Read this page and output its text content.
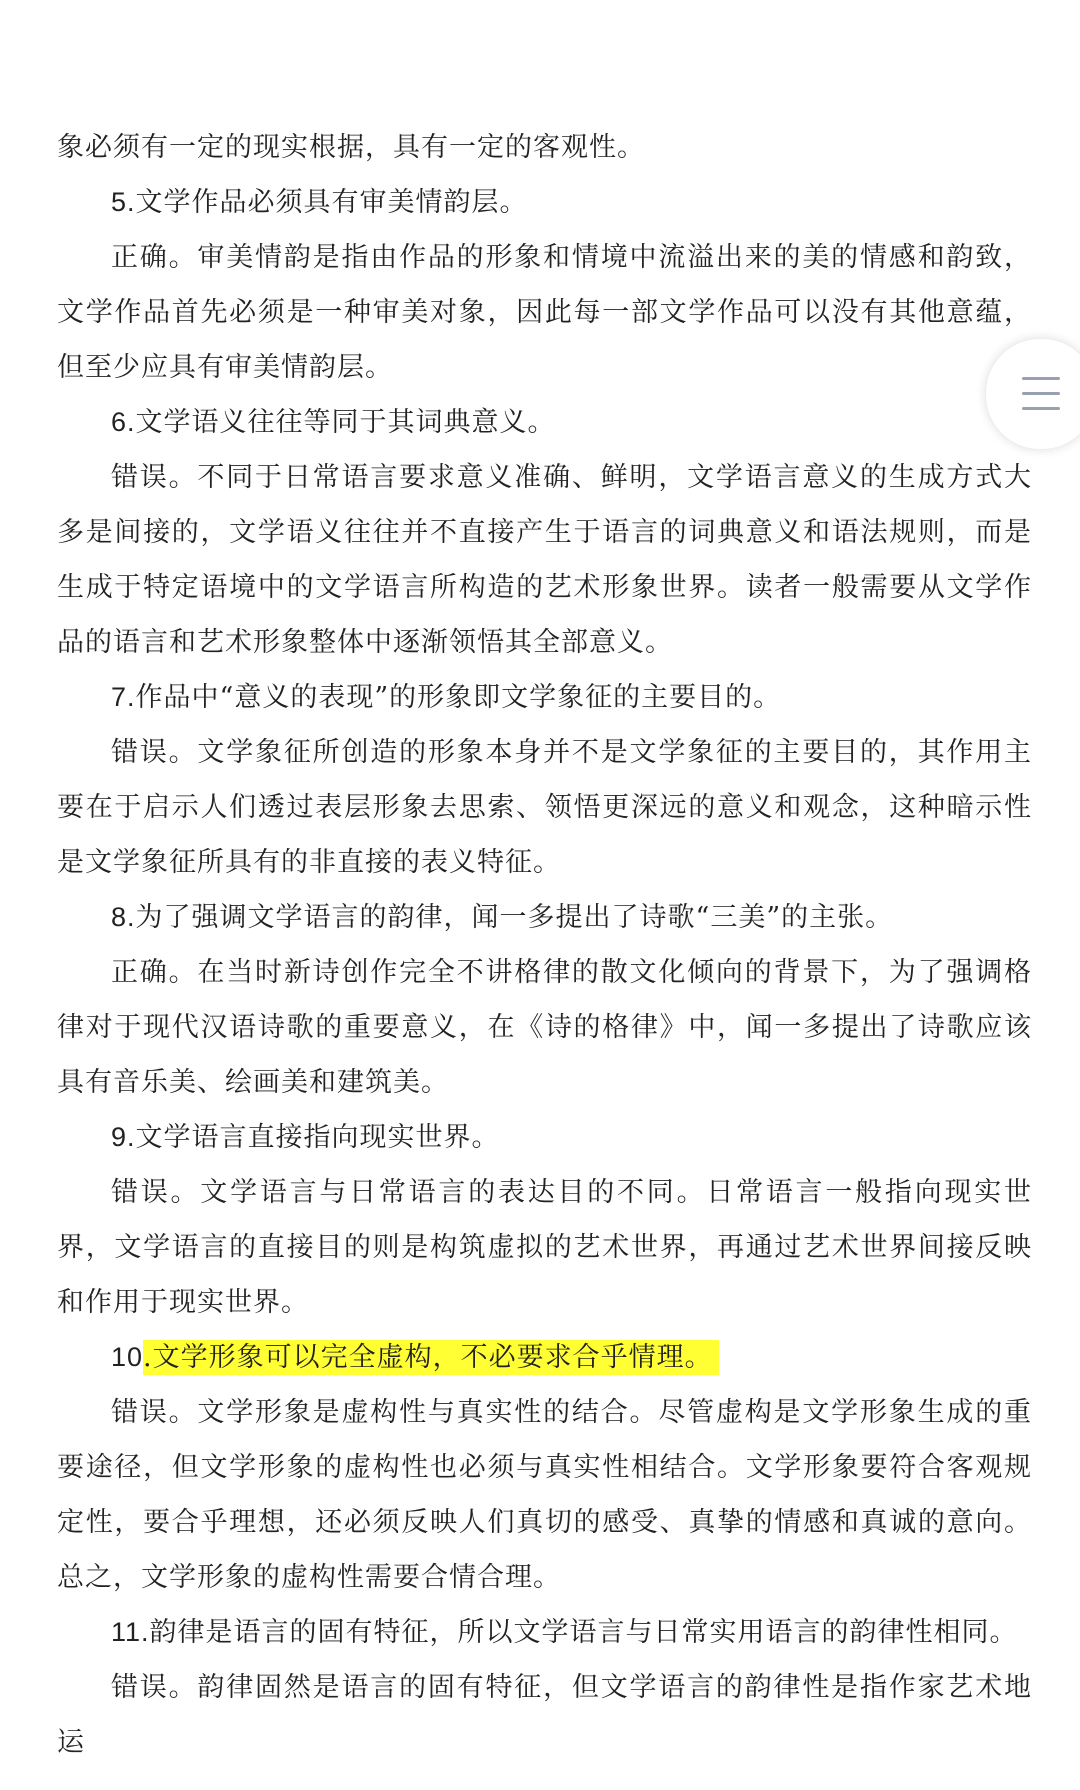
象必须有一定的现实根据，具有一定的客观性。

5.文学作品必须具有审美情韵层。

正确。审美情韵是指由作品的形象和情境中流溢出来的美的情感和韵致，文学作品首先必须是一种审美对象，因此每一部文学作品可以没有其他意蕴，但至少应具有审美情韵层。

6.文学语义往往等同于其词典意义。

错误。不同于日常语言要求意义准确、鲜明，文学语言意义的生成方式大多是间接的，文学语义往往并不直接产生于语言的词典意义和语法规则，而是生成于特定语境中的文学语言所构造的艺术形象世界。读者一般需要从文学作品的语言和艺术形象整体中逐渐领悟其全部意义。

7.作品中“意义的表现”的形象即文学象征的主要目的。

错误。文学象征所创造的形象本身并不是文学象征的主要目的，其作用主要在于启示人们透过表层形象去思索、领悟更深远的意义和观念，这种暗示性是文学象征所具有的非直接的表义特征。

8.为了强调文学语言的韵律，闻一多提出了诗歌“三美”的主张。

正确。在当时新诗创作完全不讲格律的散文化倾向的背景下，为了强调格律对于现代汉语诗歌的重要意义，在《诗的格律》中，闻一多提出了诗歌应该具有音乐美、绘画美和建筑美。

9.文学语言直接指向现实世界。

错误。文学语言与日常语言的表达目的不同。日常语言一般指向现实世界，文学语言的直接目的则是构筑虚拟的艺术世界，再通过艺术世界间接反映和作用于现实世界。

10.文学形象可以完全虚构，不必要求合乎情理。

错误。文学形象是虚构性与真实性的结合。尽管虚构是文学形象生成的重要途径，但文学形象的虚构性也必须与真实性相结合。文学形象要符合客观规定性，要合乎理想，还必须反映人们真切的感受、真挚的情感和真诚的意向。总之，文学形象的虚构性需要合情合理。

11.韵律是语言的固有特征，所以文学语言与日常实用语言的韵律性相同。

错误。韵律固然是语言的固有特征，但文学语言的韵律性是指作家艺术地运
